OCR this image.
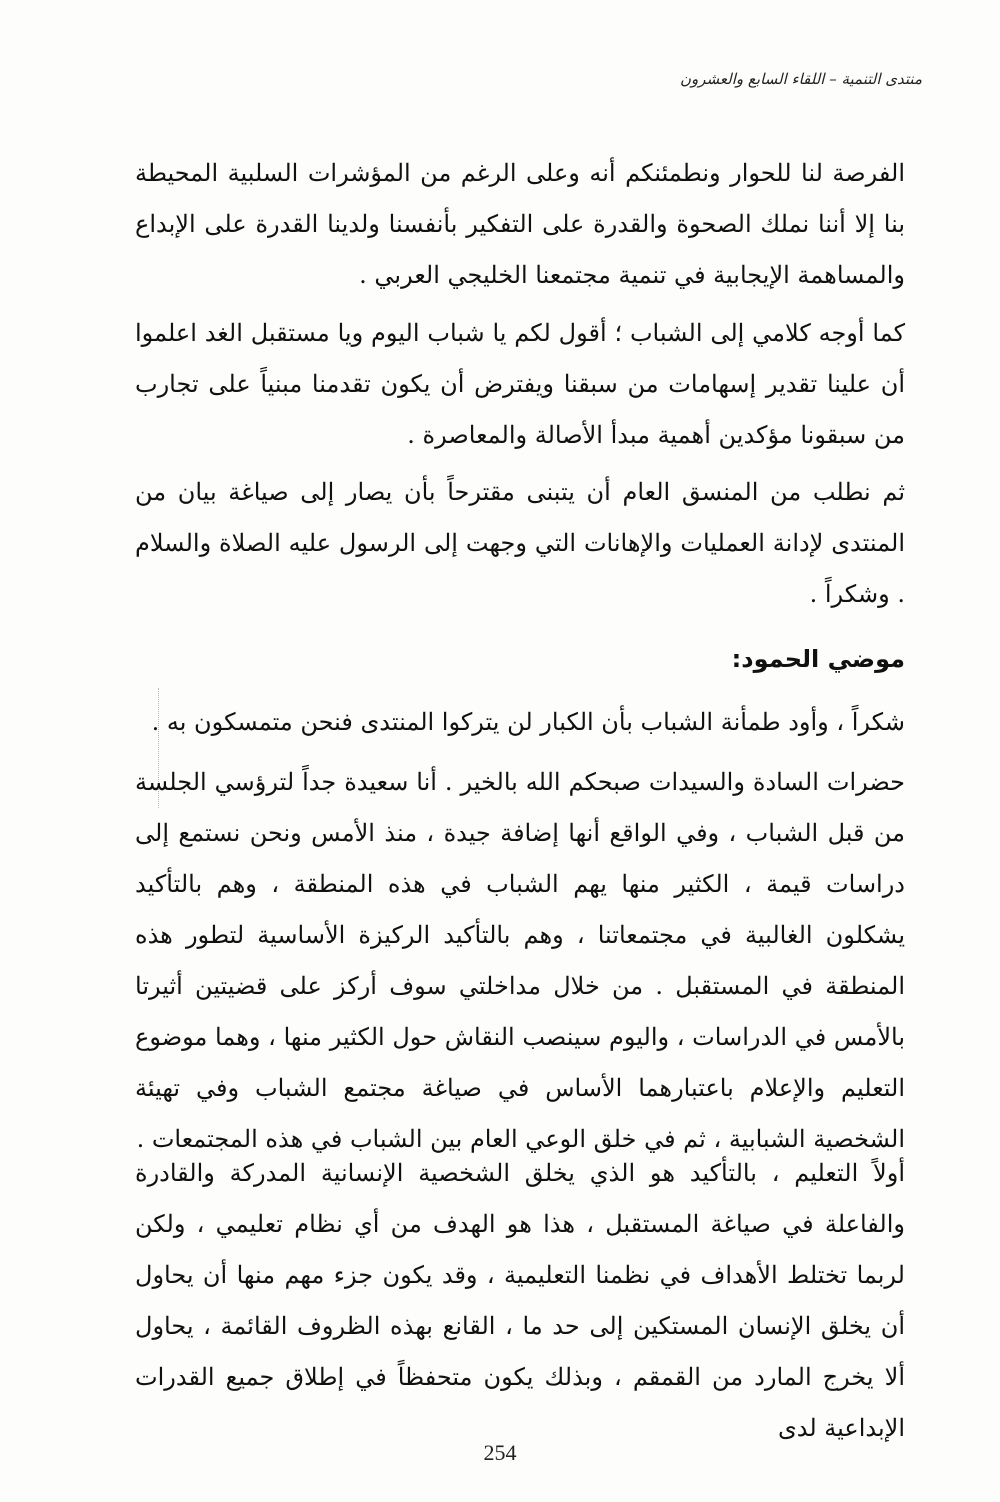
منتدى التنمية – اللقاء السابع والعشرون

الفرصة لنا للحوار ونطمئنكم أنه وعلى الرغم من المؤشرات السلبية المحيطة بنا إلا أننا نملك الصحوة والقدرة على التفكير بأنفسنا ولدينا القدرة على الإبداع والمساهمة الإيجابية في تنمية مجتمعنا الخليجي العربي .

كما أوجه كلامي إلى الشباب ؛ أقول لكم يا شباب اليوم ويا مستقبل الغد اعلموا أن علينا تقدير إسهامات من سبقنا ويفترض أن يكون تقدمنا مبنياً على تجارب من سبقونا مؤكدين أهمية مبدأ الأصالة والمعاصرة .

ثم نطلب من المنسق العام أن يتبنى مقترحاً بأن يصار إلى صياغة بيان من المنتدى لإدانة العمليات والإهانات التي وجهت إلى الرسول عليه الصلاة والسلام . وشكراً .

موضي الحمود:

شكراً ، وأود طمأنة الشباب بأن الكبار لن يتركوا المنتدى فنحن متمسكون به .

حضرات السادة والسيدات صبحكم الله بالخير . أنا سعيدة جداً لترؤسي الجلسة من قبل الشباب ، وفي الواقع أنها إضافة جيدة ، منذ الأمس ونحن نستمع إلى دراسات قيمة ، الكثير منها يهم الشباب في هذه المنطقة ، وهم بالتأكيد يشكلون الغالبية في مجتمعاتنا ، وهم بالتأكيد الركيزة الأساسية لتطور هذه المنطقة في المستقبل . من خلال مداخلتي سوف أركز على قضيتين أثيرتا بالأمس في الدراسات ، واليوم سينصب النقاش حول الكثير منها ، وهما موضوع التعليم والإعلام باعتبارهما الأساس في صياغة مجتمع الشباب وفي تهيئة الشخصية الشبابية ، ثم في خلق الوعي العام بين الشباب في هذه المجتمعات .

أولاً التعليم ، بالتأكيد هو الذي يخلق الشخصية الإنسانية المدركة والقادرة والفاعلة في صياغة المستقبل ، هذا هو الهدف من أي نظام تعليمي ، ولكن لربما تختلط الأهداف في نظمنا التعليمية ، وقد يكون جزء مهم منها أن يحاول أن يخلق الإنسان المستكين إلى حد ما ، القانع بهذه الظروف القائمة ، يحاول ألا يخرج المارد من القمقم ، وبذلك يكون متحفظاً في إطلاق جميع القدرات الإبداعية لدى

254
